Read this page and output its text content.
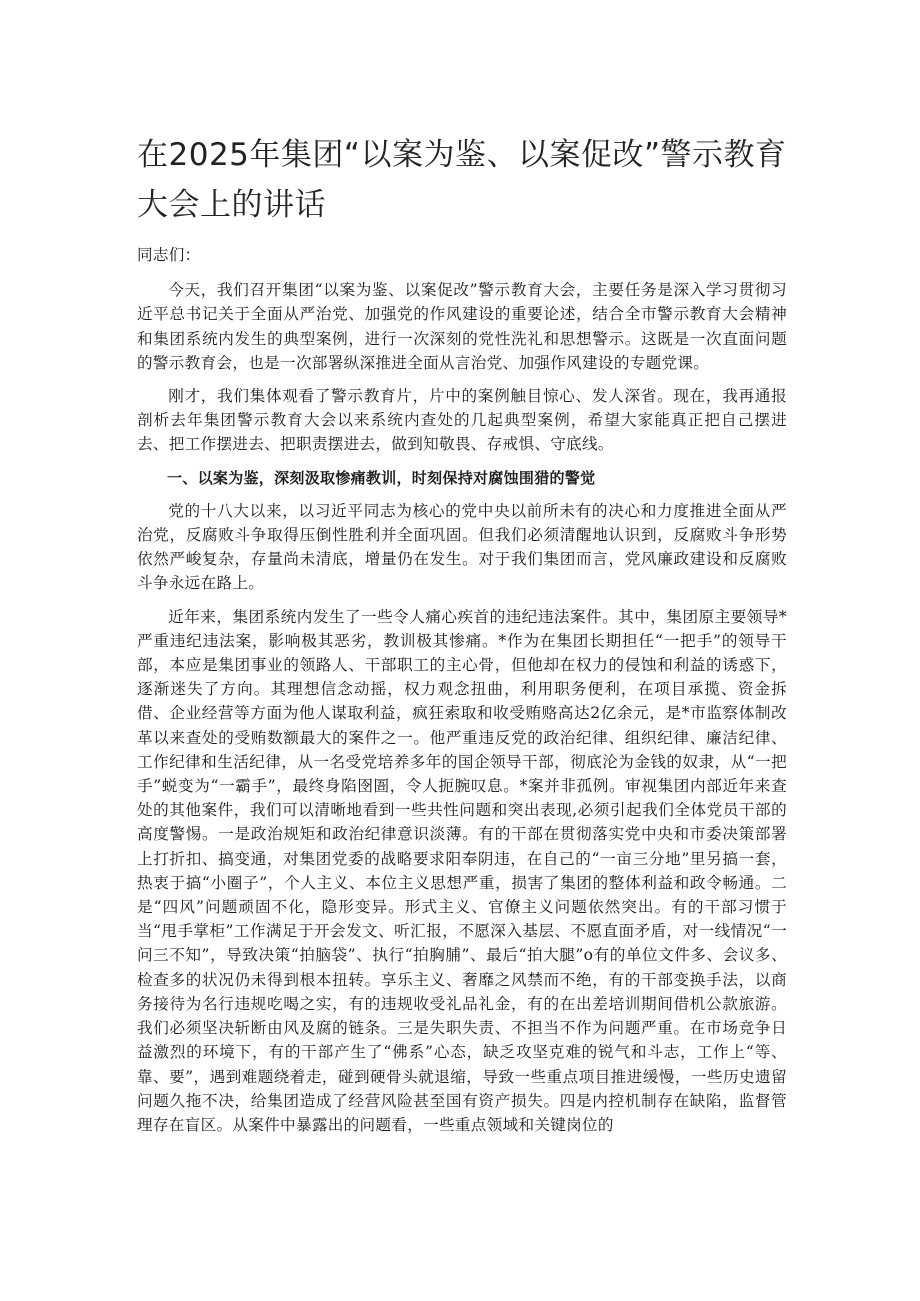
在2025年集团“以案为鉴、以案促改”警示教育大会上的讲话

同志们：

今天，我们召开集团“以案为鉴、以案促改”警示教育大会，主要任务是深入学习贯彻习近平总书记关于全面从严治党、加强党的作风建设的重要论述，结合全市警示教育大会精神和集团系统内发生的典型案例，进行一次深刻的党性洗礼和思想警示。这既是一次直面问题的警示教育会，也是一次部署纵深推进全面从言治党、加强作风建设的专题党课。

刚才，我们集体观看了警示教育片，片中的案例触目惊心、发人深省。现在，我再通报剖析去年集团警示教育大会以来系统内查处的几起典型案例，希望大家能真正把自己摆进去、把工作摆进去、把职责摆进去，做到知敬畏、存戒惧、守底线。

一、以案为鉴，深刻汲取惨痛教训，时刻保持对腐蚀围猎的警觉

党的十八大以来，以习近平同志为核心的党中央以前所未有的决心和力度推进全面从严治党，反腐败斗争取得压倒性胜利并全面巩固。但我们必须清醒地认识到，反腐败斗争形势依然严峻复杂，存量尚未清底，增量仍在发生。对于我们集团而言，党风廉政建设和反腐败斗争永远在路上。

近年来，集团系统内发生了一些令人痛心疾首的违纪违法案件。其中，集团原主要领导*严重违纪违法案，影响极其恶劣，教训极其惨痛。*作为在集团长期担任“一把手”的领导干部，本应是集团事业的领路人、干部职工的主心骨，但他却在权力的侵蚀和利益的诱惑下，逐渐迷失了方向。其理想信念动摇，权力观念扭曲，利用职务便利，在项目承揽、资金拆借、企业经营等方面为他人谋取利益，疯狂索取和收受贿赂高达2亿余元，是*市监察体制改革以来查处的受贿数额最大的案件之一。他严重违反党的政治纪律、组织纪律、廉洁纪律、工作纪律和生活纪律，从一名受党培养多年的国企领导干部，彻底沦为金钱的奴隶，从“一把手”蜕变为“一霸手”，最终身陷囹圄，令人扼腕叹息。*案并非孤例。审视集团内部近年来查处的其他案件，我们可以清晰地看到一些共性问题和突出表现,必须引起我们全体党员干部的高度警惕。一是政治规矩和政治纪律意识淡薄。有的干部在贯彻落实党中央和市委决策部署上打折扣、搞变通，对集团党委的战略要求阳奉阴违，在自己的“一亩三分地”里另搞一套，热衷于搞“小圈子”，个人主义、本位主义思想严重，损害了集团的整体利益和政令畅通。二是“四风”问题顽固不化，隐形变异。形式主义、官僚主义问题依然突出。有的干部习惯于当“甩手掌柜”工作满足于开会发文、听汇报，不愿深入基层、不愿直面矛盾，对一线情况“一问三不知”，导致决策“拍脑袋”、执行“拍胸脯”、最后“拍大腿”o有的单位文件多、会议多、检查多的状况仍未得到根本扭转。享乐主义、奢靡之风禁而不绝，有的干部变换手法，以商务接待为名行违规吃喝之实，有的违规收受礼品礼金，有的在出差培训期间借机公款旅游。我们必须坚决斩断由风及腐的链条。三是失职失责、不担当不作为问题严重。在市场竞争日益激烈的环境下，有的干部产生了“佛系”心态，缺乏攻坚克难的锐气和斗志，工作上“等、靠、要”，遇到难题绕着走，碰到硬骨头就退缩，导致一些重点项目推进缓慢，一些历史遗留问题久拖不决，给集团造成了经营风险甚至国有资产损失。四是内控机制存在缺陷，监督管理存在盲区。从案件中暴露出的问题看，一些重点领域和关键岗位的
